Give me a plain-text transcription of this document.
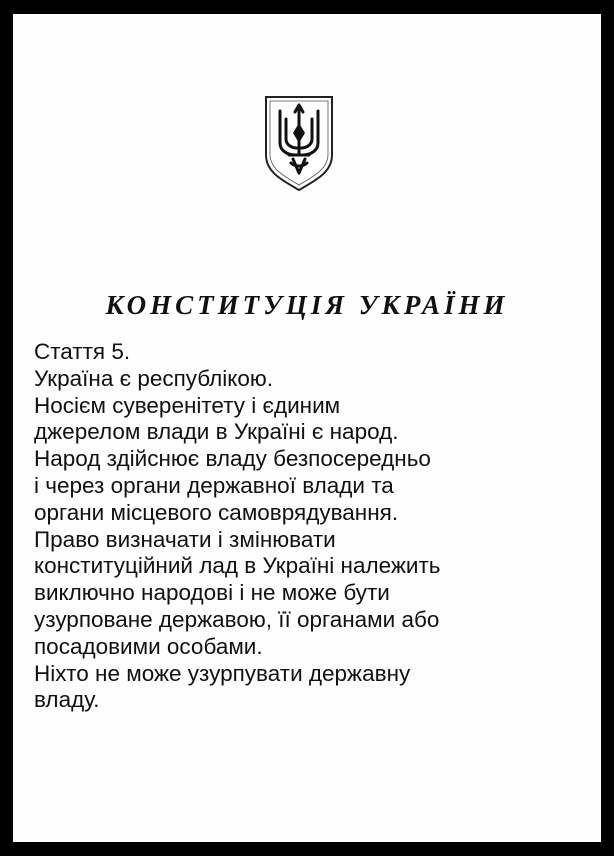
КОНСТИТУЦІЯ УКРАЇНИ
Стаття 5.
Україна є республікою.
Носієм суверенітету і єдиним
джерелом влади в Україні є народ.
Народ здійснює владу безпосередньо
і через органи державної влади та
органи місцевого самоврядування.
Право визначати і змінювати
конституційний лад в Україні належить
виключно народові і не може бути
узурповане державою, її органами або
посадовими особами.
Ніхто не може узурпувати державну
владу.
